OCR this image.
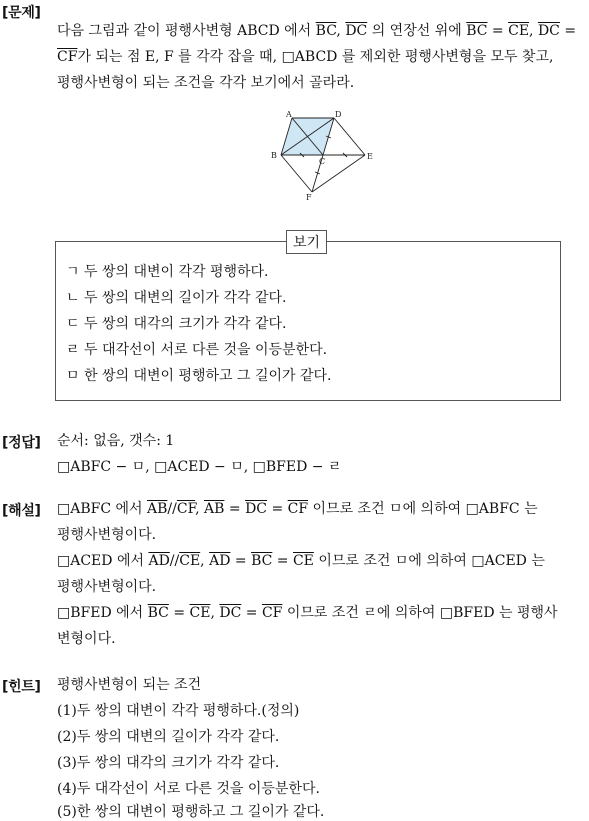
[문제]
다음 그림과 같이 평행사변형 ABCD 에서 $\overline{BC}$, $\overline{DC}$ 의 연장선 위에 $\overline{BC} = \overline{CE}$, $\overline{DC}$ =
$\overline{CF}$가 되는 점 E, F 를 각각 잡을 때, □ABCD 를 제외한 평행사변형을 모두 찾고,
평행사변형이 되는 조건을 각각 보기에서 골라라.
A	D
B
C
E
F
보기
ㄱ 두 쌍의 대변이 각각 평행하다.
ㄴ 두 쌍의 대변의 길이가 각각 같다.
ㄷ 두 쌍의 대각의 크기가 각각 같다.
ㄹ 두 대각선이 서로 다른 것을 이등분한다.
ㅁ 한 쌍의 대변이 평행하고 그 길이가 같다.
[정답] 순서: 없음, 갯수: 1
□ABFC − ㅁ, □ACED − ㅁ, □BFED − ㄹ
[해설] □ABFC 에서 $\overline{AB}//\overline{CF}$, $\overline{AB} = \overline{DC} = \overline{CF}$ 이므로 조건 ㅁ에 의하여 □ABFC 는
평행사변형이다.
□ACED 에서 $\overline{AD}//\overline{CE}$, $\overline{AD} = \overline{BC} = \overline{CE}$ 이므로 조건 ㅁ에 의하여 □ACED 는
평행사변형이다.
□BFED 에서 $\overline{BC} = \overline{CE}$, $\overline{DC} = \overline{CF}$ 이므로 조건 ㄹ에 의하여 □BFED 는 평행사
변형이다.
[힌트] 평행사변형이 되는 조건
(1)두 쌍의 대변이 각각 평행하다.(정의)
(2)두 쌍의 대변의 길이가 각각 같다.
(3)두 쌍의 대각의 크기가 각각 같다.
(4)두 대각선이 서로 다른 것을 이등분한다.
(5)한 쌍의 대변이 평행하고 그 길이가 같다.
